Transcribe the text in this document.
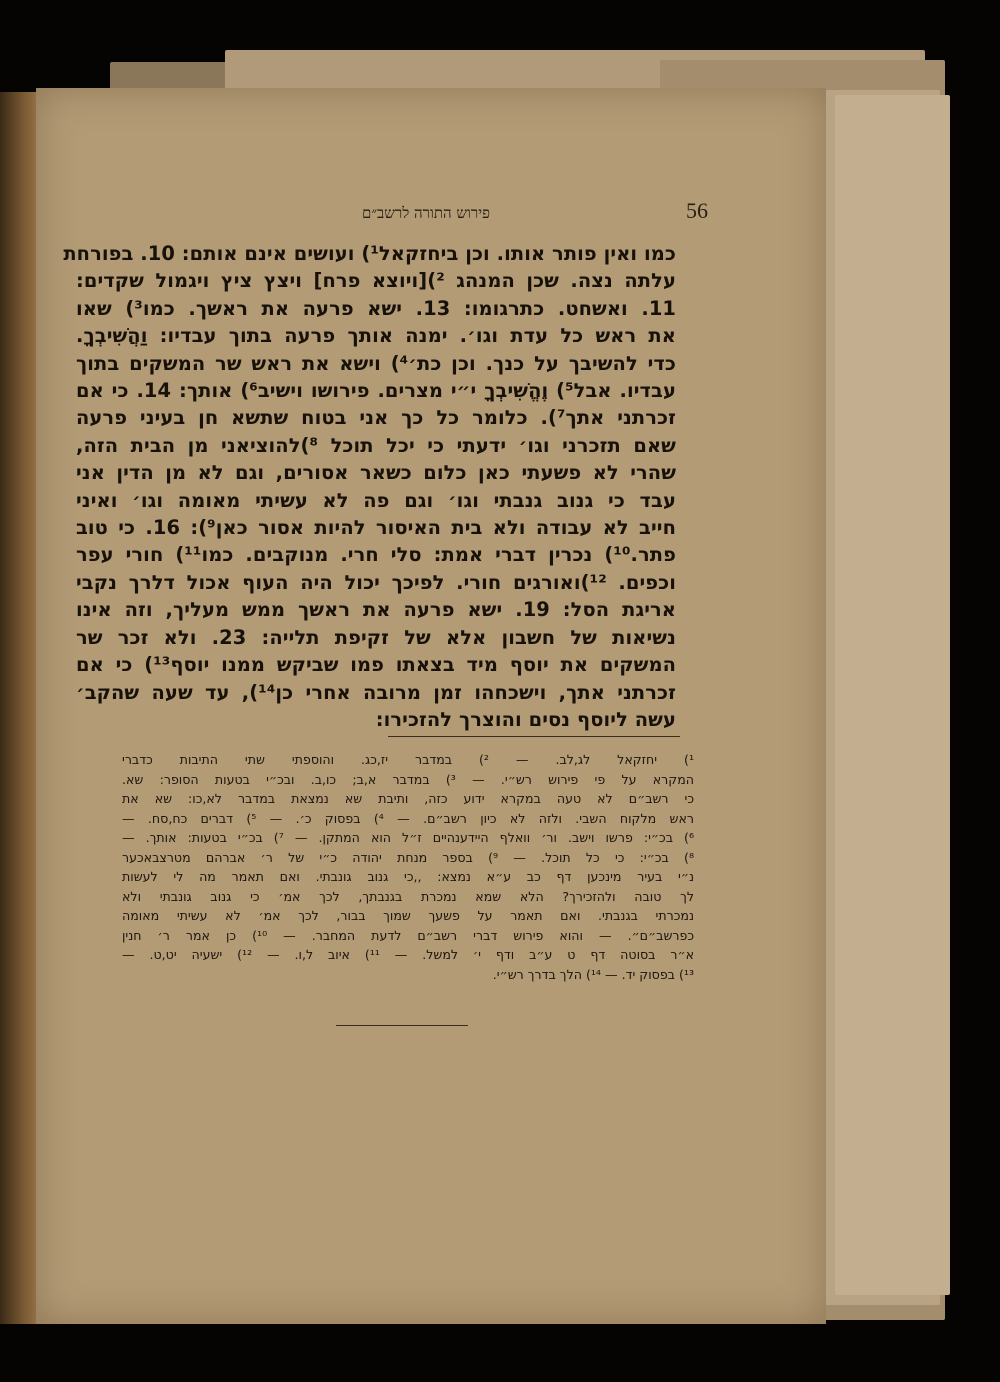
פירוש התורה לרשב״ם	56
כמו ואין פותר אותו. וכן ביחזקאל¹) ועושים אינם אותם: 10. בפורחת
עלתה נצה. שכן המנהג ²)[ויוצא פרח] ויצץ ציץ ויגמול שקדים:
11. ואשחט. כתרגומו: 13. ישא פרעה את ראשך. כמו³) שאו
את ראש כל עדת וגו׳. ימנה אותך פרעה בתוך עבדיו: וַהֲשִׁיבְךָ.
כדי להשיבך על כנך. וכן כת׳⁴) וישא את ראש שר המשקים בתוך
עבדיו. אבל⁵) וֶהֱשִׁיבְךָ י״י מצרים. פירושו וישיב⁶) אותך: 14. כי אם
זכרתני אתך⁷). כלומר כל כך אני בטוח שתשא חן בעיני פרעה
שאם תזכרני וגו׳ ידעתי כי יכל תוכל ⁸)להוציאני מן הבית הזה,
שהרי לא פשעתי כאן כלום כשאר אסורים, וגם לא מן הדין אני
עבד כי גנוב גנבתי וגו׳ וגם פה לא עשיתי מאומה וגו׳ ואיני
חייב לא עבודה ולא בית האיסור להיות אסור כאן⁹): 16. כי טוב
פתר.¹⁰) נכרין דברי אמת: סלי חרי. מנוקבים. כמו¹¹) חורי עפר
וכפים. ¹²)ואורגים חורי. לפיכך יכול היה העוף אכול דלרך נקבי
אריגת הסל: 19. ישא פרעה את ראשך ממש מעליך, וזה אינו
נשיאות של חשבון אלא של זקיפת תלייה: 23. ולא זכר שר
המשקים את יוסף מיד בצאתו פמו שביקש ממנו יוסף¹³) כי אם
זכרתני אתך, וישכחהו זמן מרובה אחרי כן¹⁴), עד שעה שהקב׳
עשה ליוסף נסים והוצרך להזכירו:
¹) יחזקאל לג,לב. — ²) במדבר יז,כג. והוספתי שתי התיבות כדברי
המקרא על פי פירוש רש״י. — ³) במדבר א,ב; כו,ב. ובכ״י בטעות הסופר: שא.
כי רשב״ם לא טעה במקרא ידוע כזה, ותיבת שא נמצאת במדבר לא,כו: שא את
ראש מלקוח השבי. ולזה לא כיון רשב״ם. — ⁴) בפסוק כ׳. — ⁵) דברים כח,סח. —
⁶) בכ״י: פרשו וישב. ור׳ וואלף היידענהיים ז״ל הוא המתקן. — ⁷) בכ״י בטעות: אותך. —
⁸) בכ״י: כי כל תוכל. — ⁹) בספר מנחת יהודה כ״י של ר׳ אברהם מטרצבאכער
נ״י בעיר מינכען דף כב ע״א נמצא: ,,כי גנוב גונבתי. ואם תאמר מה לי לעשות
לך טובה ולהזכירך? הלא שמא נמכרת בגנבתך, לכך אמ׳ כי גנוב גונבתי ולא
נמכרתי בגנבתי. ואם תאמר על פשעך שמוך בבור, לכך אמ׳ לא עשיתי מאומה
כפרשב״ם״. — והוא פירוש דברי רשב״ם לדעת המחבר. — ¹⁰) כן אמר ר׳ חנין
א״ר בסוטה דף ט ע״ב ודף י׳ למשל. — ¹¹) איוב ל,ו. — ¹²) ישעיה יט,ט. —
¹³) בפסוק יד. — ¹⁴) הלך בדרך רש״י.
